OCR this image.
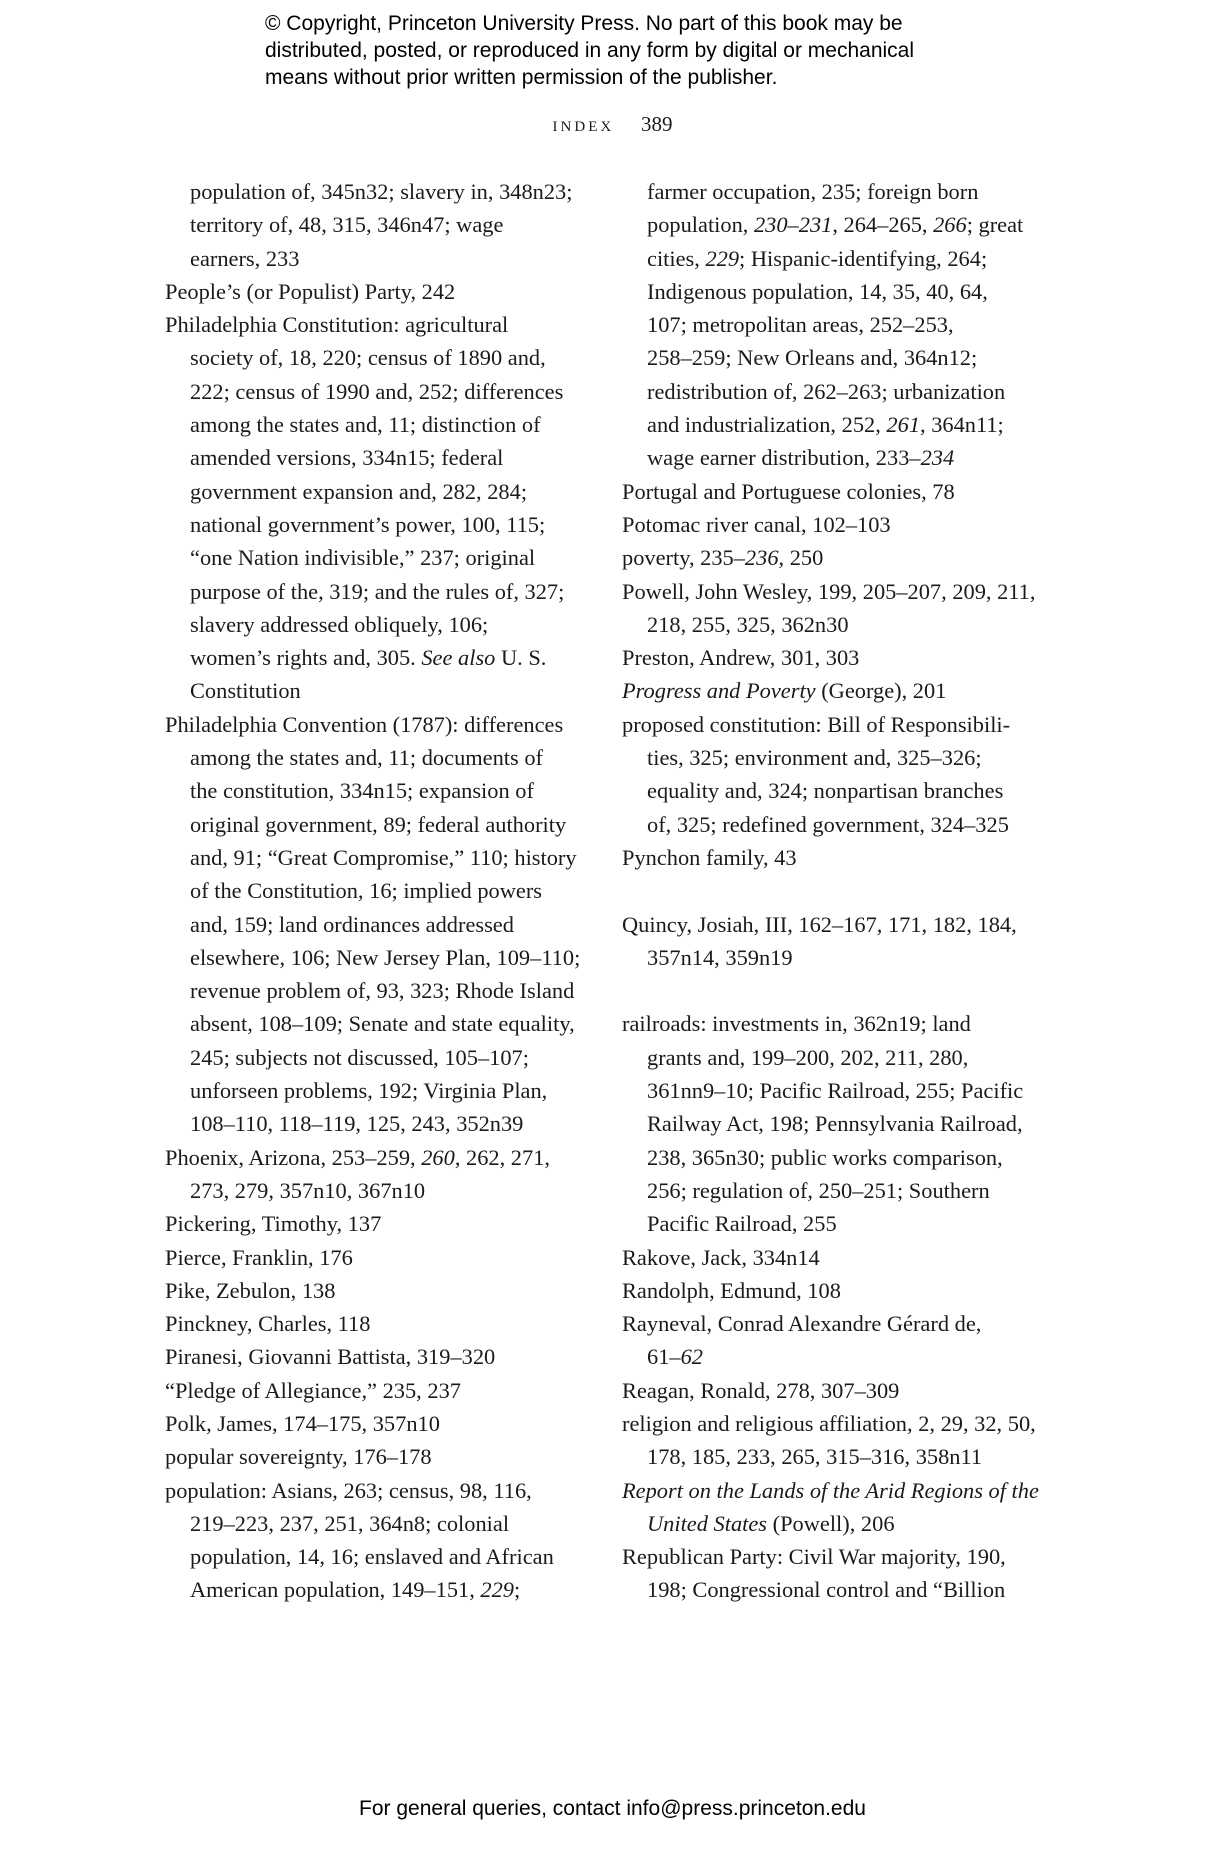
© Copyright, Princeton University Press. No part of this book may be
distributed, posted, or reproduced in any form by digital or mechanical
means without prior written permission of the publisher.
index 389
population of, 345n32; slavery in, 348n23;
territory of, 48, 315, 346n47; wage
earners, 233
People’s (or Populist) Party, 242
Philadelphia Constitution: agricultural
society of, 18, 220; census of 1890 and,
222; census of 1990 and, 252; differences
among the states and, 11; distinction of
amended versions, 334n15; federal
government expansion and, 282, 284;
national government’s power, 100, 115;
“one Nation indivisible,” 237; original
purpose of the, 319; and the rules of, 327;
slavery addressed obliquely, 106;
women’s rights and, 305. See also U. S.
Constitution
Philadelphia Convention (1787): differences
among the states and, 11; documents of
the constitution, 334n15; expansion of
original government, 89; federal authority
and, 91; “Great Compromise,” 110; history
of the Constitution, 16; implied powers
and, 159; land ordinances addressed
elsewhere, 106; New Jersey Plan, 109–110;
revenue problem of, 93, 323; Rhode Island
absent, 108–109; Senate and state equality,
245; subjects not discussed, 105–107;
unforseen problems, 192; Virginia Plan,
108–110, 118–119, 125, 243, 352n39
Phoenix, Arizona, 253–259, 260, 262, 271,
273, 279, 357n10, 367n10
Pickering, Timothy, 137
Pierce, Franklin, 176
Pike, Zebulon, 138
Pinckney, Charles, 118
Piranesi, Giovanni Battista, 319–320
“Pledge of Allegiance,” 235, 237
Polk, James, 174–175, 357n10
popular sovereignty, 176–178
population: Asians, 263; census, 98, 116,
219–223, 237, 251, 364n8; colonial
population, 14, 16; enslaved and African
American population, 149–151, 229;
farmer occupation, 235; foreign born
population, 230–231, 264–265, 266; great
cities, 229; Hispanic-identifying, 264;
Indigenous population, 14, 35, 40, 64,
107; metropolitan areas, 252–253,
258–259; New Orleans and, 364n12;
redistribution of, 262–263; urbanization
and industrialization, 252, 261, 364n11;
wage earner distribution, 233–234
Portugal and Portuguese colonies, 78
Potomac river canal, 102–103
poverty, 235–236, 250
Powell, John Wesley, 199, 205–207, 209, 211,
218, 255, 325, 362n30
Preston, Andrew, 301, 303
Progress and Poverty (George), 201
proposed constitution: Bill of Responsibili-
ties, 325; environment and, 325–326;
equality and, 324; nonpartisan branches
of, 325; redefined government, 324–325
Pynchon family, 43
Quincy, Josiah, III, 162–167, 171, 182, 184,
357n14, 359n19
railroads: investments in, 362n19; land
grants and, 199–200, 202, 211, 280,
361nn9–10; Pacific Railroad, 255; Pacific
Railway Act, 198; Pennsylvania Railroad,
238, 365n30; public works comparison,
256; regulation of, 250–251; Southern
Pacific Railroad, 255
Rakove, Jack, 334n14
Randolph, Edmund, 108
Rayneval, Conrad Alexandre Gérard de,
61–62
Reagan, Ronald, 278, 307–309
religion and religious affiliation, 2, 29, 32, 50,
178, 185, 233, 265, 315–316, 358n11
Report on the Lands of the Arid Regions of the
United States (Powell), 206
Republican Party: Civil War majority, 190,
198; Congressional control and “Billion
For general queries, contact info@press.princeton.edu
